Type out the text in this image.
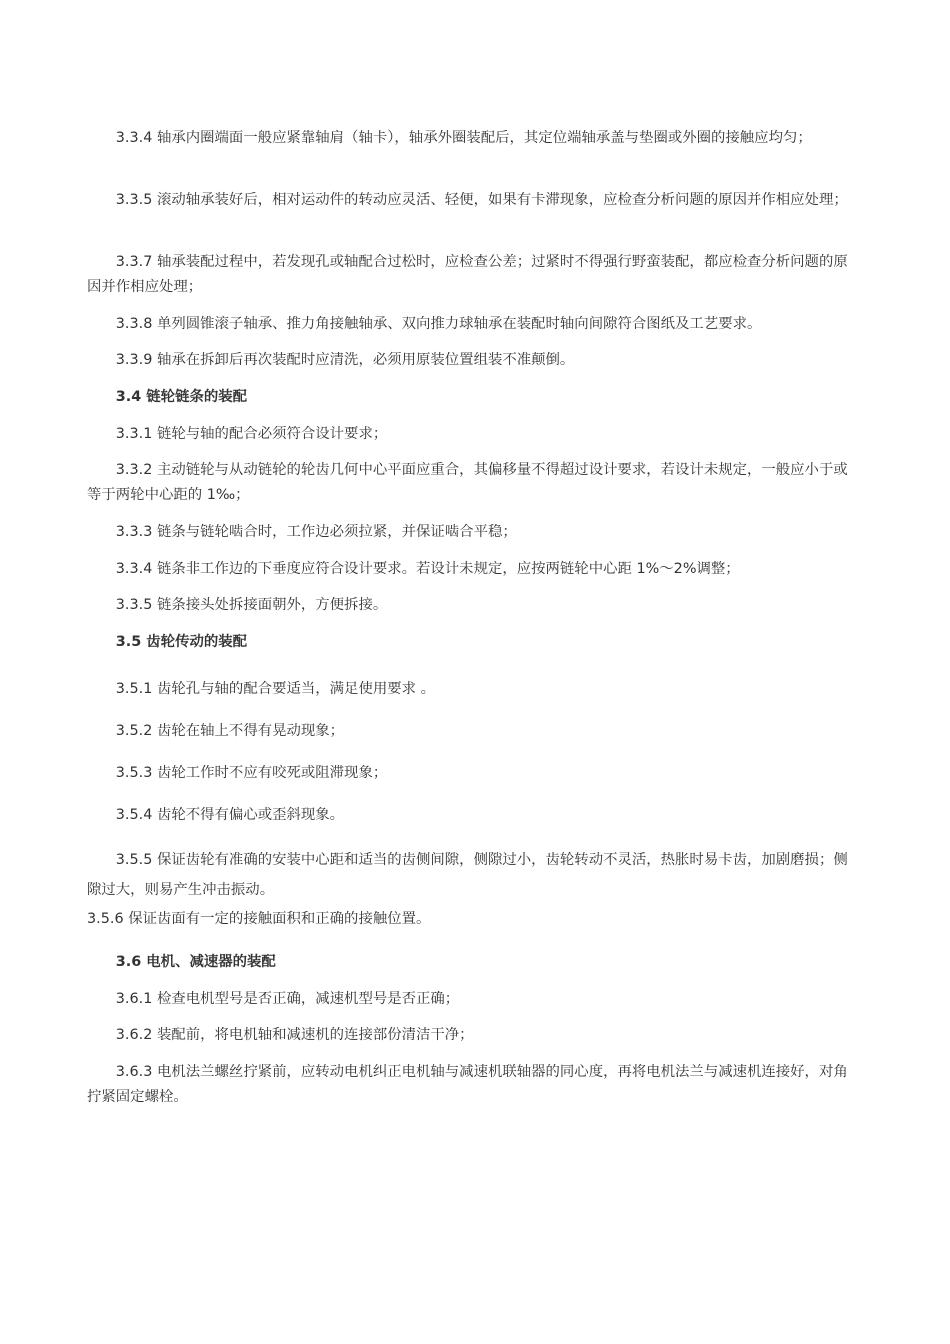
　　3.3.4 轴承内圈端面一般应紧靠轴肩（轴卡），轴承外圈装配后，其定位端轴承盖与垫圈或外圈的接触应均匀；

　　3.3.5 滚动轴承装好后，相对运动件的转动应灵活、轻便，如果有卡滞现象，应检查分析问题的原因并作相应处理；

　　3.3.7 轴承装配过程中，若发现孔或轴配合过松时，应检查公差；过紧时不得强行野蛮装配，都应检查分析问题的原因并作相应处理；

　　3.3.8 单列圆锥滚子轴承、推力角接触轴承、双向推力球轴承在装配时轴向间隙符合图纸及工艺要求。

　　3.3.9 轴承在拆卸后再次装配时应清洗，必须用原装位置组装不准颠倒。

　　3.4 链轮链条的装配

　　3.3.1 链轮与轴的配合必须符合设计要求；

　　3.3.2 主动链轮与从动链轮的轮齿几何中心平面应重合，其偏移量不得超过设计要求，若设计未规定，一般应小于或等于两轮中心距的 1‰；

　　3.3.3 链条与链轮啮合时，工作边必须拉紧，并保证啮合平稳；

　　3.3.4 链条非工作边的下垂度应符合设计要求。若设计未规定，应按两链轮中心距 1%～2%调整；

　　3.3.5 链条接头处拆接面朝外，方便拆接。

　　3.5 齿轮传动的装配

　　3.5.1 齿轮孔与轴的配合要适当，满足使用要求 。

　　3.5.2 齿轮在轴上不得有晃动现象；

　　3.5.3 齿轮工作时不应有咬死或阻滞现象；

　　3.5.4 齿轮不得有偏心或歪斜现象。

　　3.5.5 保证齿轮有准确的安装中心距和适当的齿侧间隙，侧隙过小，齿轮转动不灵活，热胀时易卡齿，加剧磨损；侧隙过大，则易产生冲击振动。

3.5.6 保证齿面有一定的接触面积和正确的接触位置。

　　3.6 电机、减速器的装配

　　3.6.1 检查电机型号是否正确，减速机型号是否正确；

　　3.6.2 装配前，将电机轴和减速机的连接部份清洁干净；

　　3.6.3 电机法兰螺丝拧紧前，应转动电机纠正电机轴与减速机联轴器的同心度，再将电机法兰与减速机连接好，对角拧紧固定螺栓。
